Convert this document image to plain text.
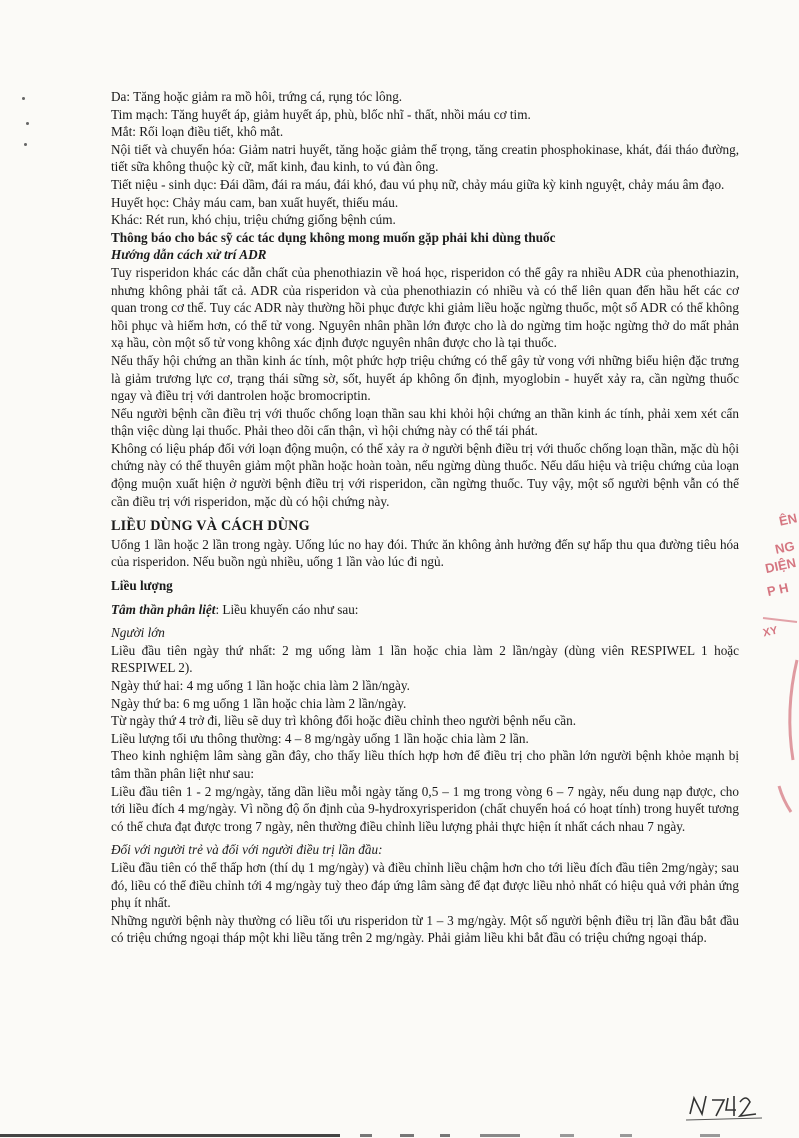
Da: Tăng hoặc giảm ra mồ hôi, trứng cá, rụng tóc lông.

Tim mạch: Tăng huyết áp, giảm huyết áp, phù, blốc nhĩ - thất, nhồi máu cơ tim.

Mắt: Rối loạn điều tiết, khô mắt.

Nội tiết và chuyển hóa: Giảm natri huyết, tăng hoặc giảm thể trọng, tăng creatin phosphokinase, khát, đái tháo đường, tiết sữa không thuộc kỳ cữ, mất kinh, đau kinh, to vú đàn ông.

Tiết niệu - sinh dục: Đái dầm, đái ra máu, đái khó, đau vú phụ nữ, chảy máu giữa kỳ kinh nguyệt, chảy máu âm đạo.

Huyết học: Chảy máu cam, ban xuất huyết, thiếu máu.

Khác: Rét run, khó chịu, triệu chứng giống bệnh cúm.

Thông báo cho bác sỹ các tác dụng không mong muốn gặp phải khi dùng thuốc

Hướng dẫn cách xử trí ADR

Tuy risperidon khác các dẫn chất của phenothiazin về hoá học, risperidon có thể gây ra nhiều ADR của phenothiazin, nhưng không phải tất cả. ADR của risperidon và của phenothiazin có nhiều và có thể liên quan đến hầu hết các cơ quan trong cơ thể. Tuy các ADR này thường hồi phục được khi giảm liều hoặc ngừng thuốc, một số ADR có thể không hồi phục và hiếm hơn, có thể tử vong. Nguyên nhân phần lớn được cho là do ngừng tim hoặc ngừng thở do mất phản xạ hầu, còn một số tử vong không xác định được nguyên nhân được cho là tại thuốc.

Nếu thấy hội chứng an thần kinh ác tính, một phức hợp triệu chứng có thể gây tử vong với những biểu hiện đặc trưng là giảm trương lực cơ, trạng thái sững sờ, sốt, huyết áp không ổn định, myoglobin - huyết xảy ra, cần ngừng thuốc ngay và điều trị với dantrolen hoặc bromocriptin.

Nếu người bệnh cần điều trị với thuốc chống loạn thần sau khi khỏi hội chứng an thần kinh ác tính, phải xem xét cẩn thận việc dùng lại thuốc. Phải theo dõi cẩn thận, vì hội chứng này có thể tái phát.

Không có liệu pháp đối với loạn động muộn, có thể xảy ra ở người bệnh điều trị với thuốc chống loạn thần, mặc dù hội chứng này có thể thuyên giảm một phần hoặc hoàn toàn, nếu ngừng dùng thuốc. Nếu dấu hiệu và triệu chứng của loạn động muộn xuất hiện ở người bệnh điều trị với risperidon, cần ngừng thuốc. Tuy vậy, một số người bệnh vẫn có thể cần điều trị với risperidon, mặc dù có hội chứng này.

LIỀU DÙNG VÀ CÁCH DÙNG

Uống 1 lần hoặc 2 lần trong ngày. Uống lúc no hay đói. Thức ăn không ảnh hưởng đến sự hấp thu qua đường tiêu hóa của risperidon. Nếu buồn ngủ nhiều, uống 1 lần vào lúc đi ngủ.

Liều lượng

Tâm thần phân liệt: Liều khuyến cáo như sau:

Người lớn

Liều đầu tiên ngày thứ nhất: 2 mg uống làm 1 lần hoặc chia làm 2 lần/ngày (dùng viên RESPIWEL 1 hoặc RESPIWEL 2).

Ngày thứ hai: 4 mg uống 1 lần hoặc chia làm 2 lần/ngày.

Ngày thứ ba: 6 mg uống 1 lần hoặc chia làm 2 lần/ngày.

Từ ngày thứ 4 trở đi, liều sẽ duy trì không đổi hoặc điều chỉnh theo người bệnh nếu cần.

Liều lượng tối ưu thông thường: 4 – 8 mg/ngày uống 1 lần hoặc chia làm 2 lần.

Theo kinh nghiệm lâm sàng gần đây, cho thấy liều thích hợp hơn để điều trị cho phần lớn người bệnh khỏe mạnh bị tâm thần phân liệt như sau:

Liều đầu tiên 1 - 2 mg/ngày, tăng dần liều mỗi ngày tăng 0,5 – 1 mg trong vòng 6 – 7 ngày, nếu dung nạp được, cho tới liều đích 4 mg/ngày. Vì nồng độ ổn định của 9-hydroxyrisperidon (chất chuyển hoá có hoạt tính) trong huyết tương có thể chưa đạt được trong 7 ngày, nên thường điều chỉnh liều lượng phải thực hiện ít nhất cách nhau 7 ngày.

Đối với người trẻ và đối với người điều trị lần đầu:

Liều đầu tiên có thể thấp hơn (thí dụ 1 mg/ngày) và điều chỉnh liều chậm hơn cho tới liều đích đầu tiên 2mg/ngày; sau đó, liều có thể điều chỉnh tới 4 mg/ngày tuỳ theo đáp ứng lâm sàng để đạt được liều nhỏ nhất có hiệu quả với phản ứng phụ ít nhất.

Những người bệnh này thường có liều tối ưu risperidon từ 1 – 3 mg/ngày. Một số người bệnh điều trị lần đầu bắt đầu có triệu chứng ngoại tháp một khi liều tăng trên 2 mg/ngày. Phải giảm liều khi bắt đầu có triệu chứng ngoại tháp.

ÊN
NG
DIỆN
P H
XY
